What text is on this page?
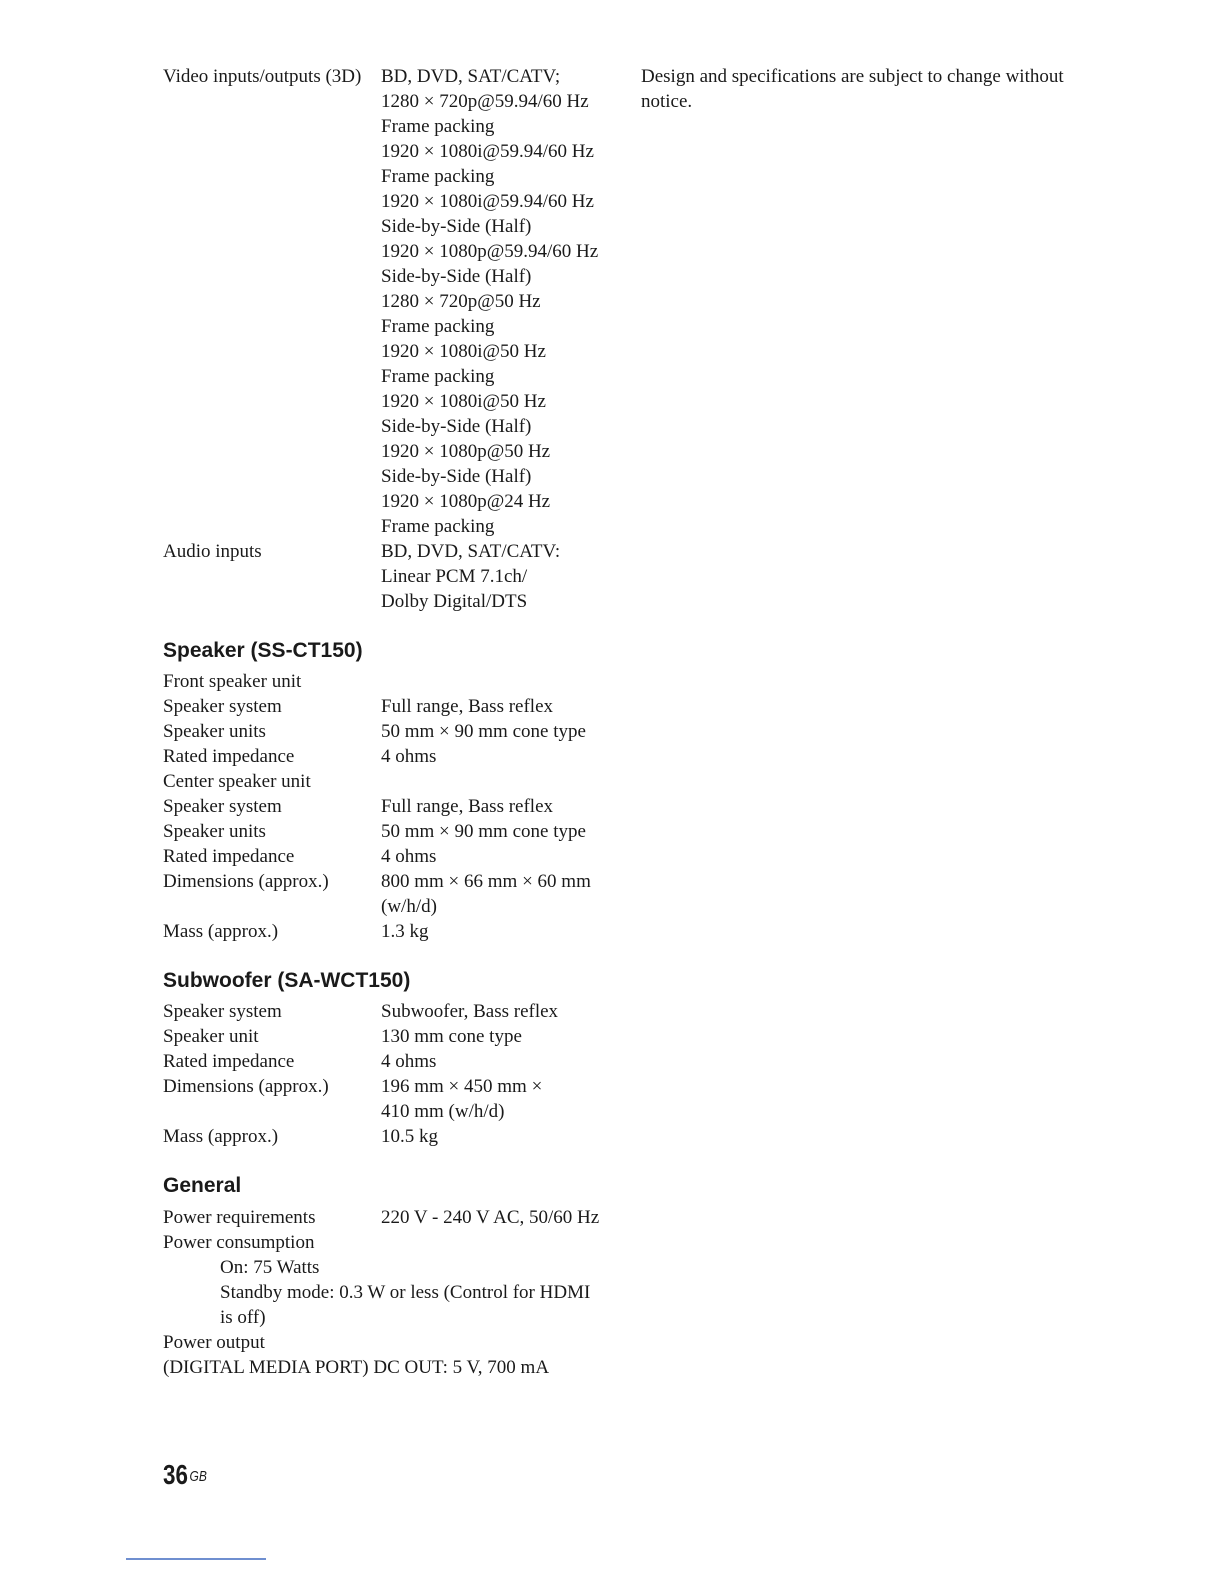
Video inputs/outputs (3D) BD, DVD, SAT/CATV;
1280 × 720p@59.94/60 Hz
Frame packing
1920 × 1080i@59.94/60 Hz
Frame packing
1920 × 1080i@59.94/60 Hz
Side-by-Side (Half)
1920 × 1080p@59.94/60 Hz
Side-by-Side (Half)
1280 × 720p@50 Hz
Frame packing
1920 × 1080i@50 Hz
Frame packing
1920 × 1080i@50 Hz
Side-by-Side (Half)
1920 × 1080p@50 Hz
Side-by-Side (Half)
1920 × 1080p@24 Hz
Frame packing
Audio inputs	BD, DVD, SAT/CATV:
Linear PCM 7.1ch/
Dolby Digital/DTS
Speaker (SS-CT150)
Front speaker unit
Speaker system	Full range, Bass reflex
Speaker units	50 mm × 90 mm cone type
Rated impedance	4 ohms
Center speaker unit
Speaker system	Full range, Bass reflex
Speaker units	50 mm × 90 mm cone type
Rated impedance	4 ohms
Dimensions (approx.)	800 mm × 66 mm × 60 mm
(w/h/d)
Mass (approx.)	1.3 kg
Subwoofer (SA-WCT150)
Speaker system	Subwoofer, Bass reflex
Speaker unit	130 mm cone type
Rated impedance	4 ohms
Dimensions (approx.)	196 mm × 450 mm ×
410 mm (w/h/d)
Mass (approx.)	10.5 kg
General
Power requirements	220 V - 240 V AC, 50/60 Hz
Power consumption
On: 75 Watts
Standby mode: 0.3 W or less (Control for HDMI
is off)
Power output
(DIGITAL MEDIA PORT) DC OUT: 5 V, 700 mA
Design and specifications are subject to change without notice.
36 $^{GB}$
